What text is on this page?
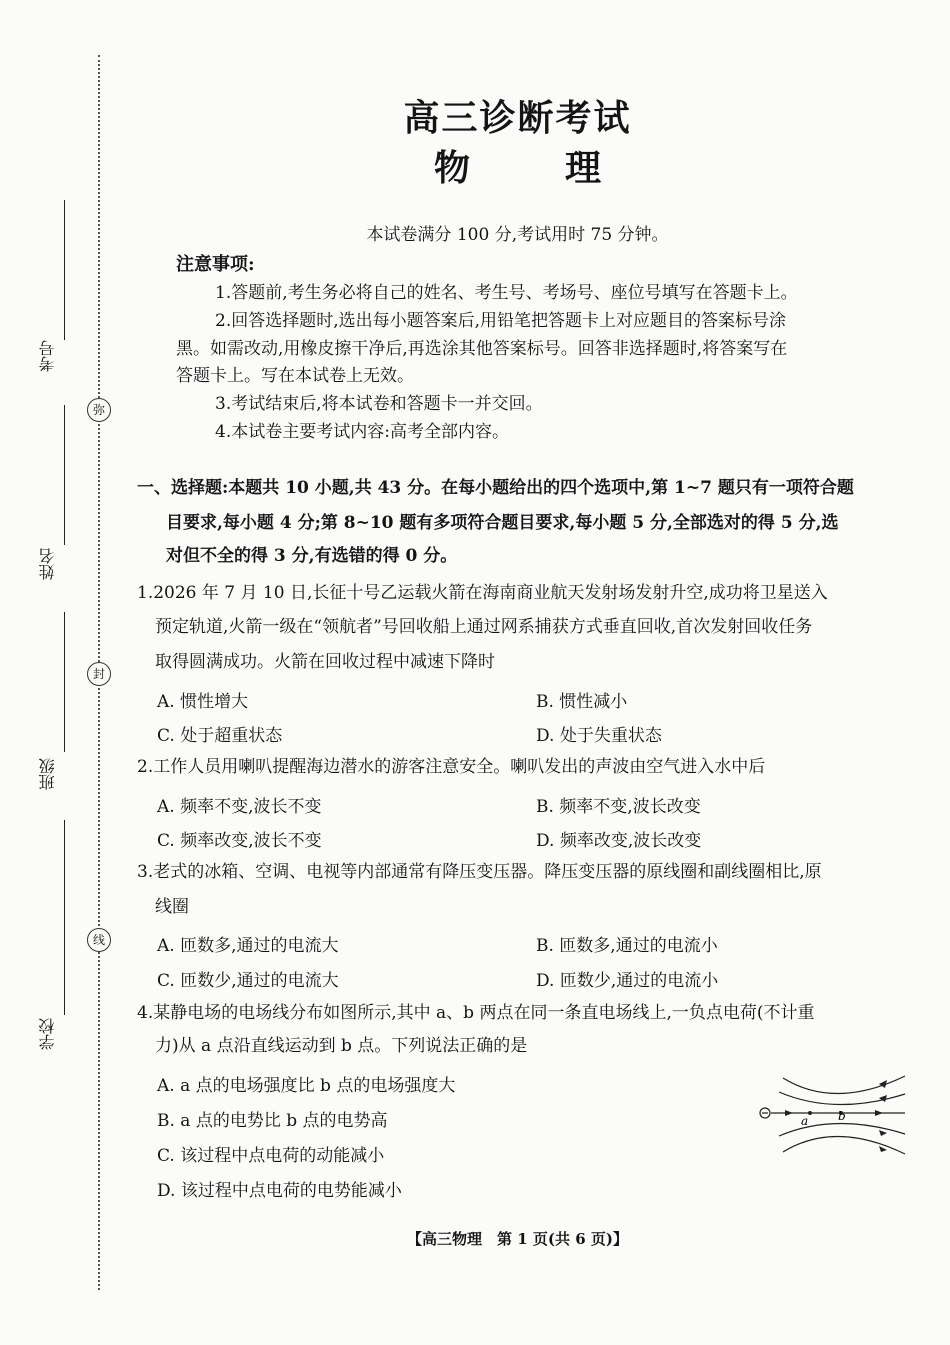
弥
封
线
考号
姓名
班级
学校
高三诊断考试
物	理
本试卷满分 100 分,考试用时 75 分钟。
注意事项:
1.答题前,考生务必将自己的姓名、考生号、考场号、座位号填写在答题卡上。
2.回答选择题时,选出每小题答案后,用铅笔把答题卡上对应题目的答案标号涂
黑。如需改动,用橡皮擦干净后,再选涂其他答案标号。回答非选择题时,将答案写在
答题卡上。写在本试卷上无效。
3.考试结束后,将本试卷和答题卡一并交回。
4.本试卷主要考试内容:高考全部内容。
一、选择题:本题共 10 小题,共 43 分。在每小题给出的四个选项中,第 1~7 题只有一项符合题
目要求,每小题 4 分;第 8~10 题有多项符合题目要求,每小题 5 分,全部选对的得 5 分,选
对但不全的得 3 分,有选错的得 0 分。
1.2026 年 7 月 10 日,长征十号乙运载火箭在海南商业航天发射场发射升空,成功将卫星送入
预定轨道,火箭一级在“领航者”号回收船上通过网系捕获方式垂直回收,首次发射回收任务
取得圆满成功。火箭在回收过程中减速下降时
A. 惯性增大	B. 惯性减小
C. 处于超重状态	D. 处于失重状态
2.工作人员用喇叭提醒海边潜水的游客注意安全。喇叭发出的声波由空气进入水中后
A. 频率不变,波长不变	B. 频率不变,波长改变
C. 频率改变,波长不变	D. 频率改变,波长改变
3.老式的冰箱、空调、电视等内部通常有降压变压器。降压变压器的原线圈和副线圈相比,原
线圈
A. 匝数多,通过的电流大	B. 匝数多,通过的电流小
C. 匝数少,通过的电流大	D. 匝数少,通过的电流小
4.某静电场的电场线分布如图所示,其中 a、b 两点在同一条直电场线上,一负点电荷(不计重
力)从 a 点沿直线运动到 b 点。下列说法正确的是
A. a 点的电场强度比 b 点的电场强度大
B. a 点的电势比 b 点的电势高
C. 该过程中点电荷的动能减小
D. 该过程中点电荷的电势能减小
a b
【高三物理　第 1 页(共 6 页)】
